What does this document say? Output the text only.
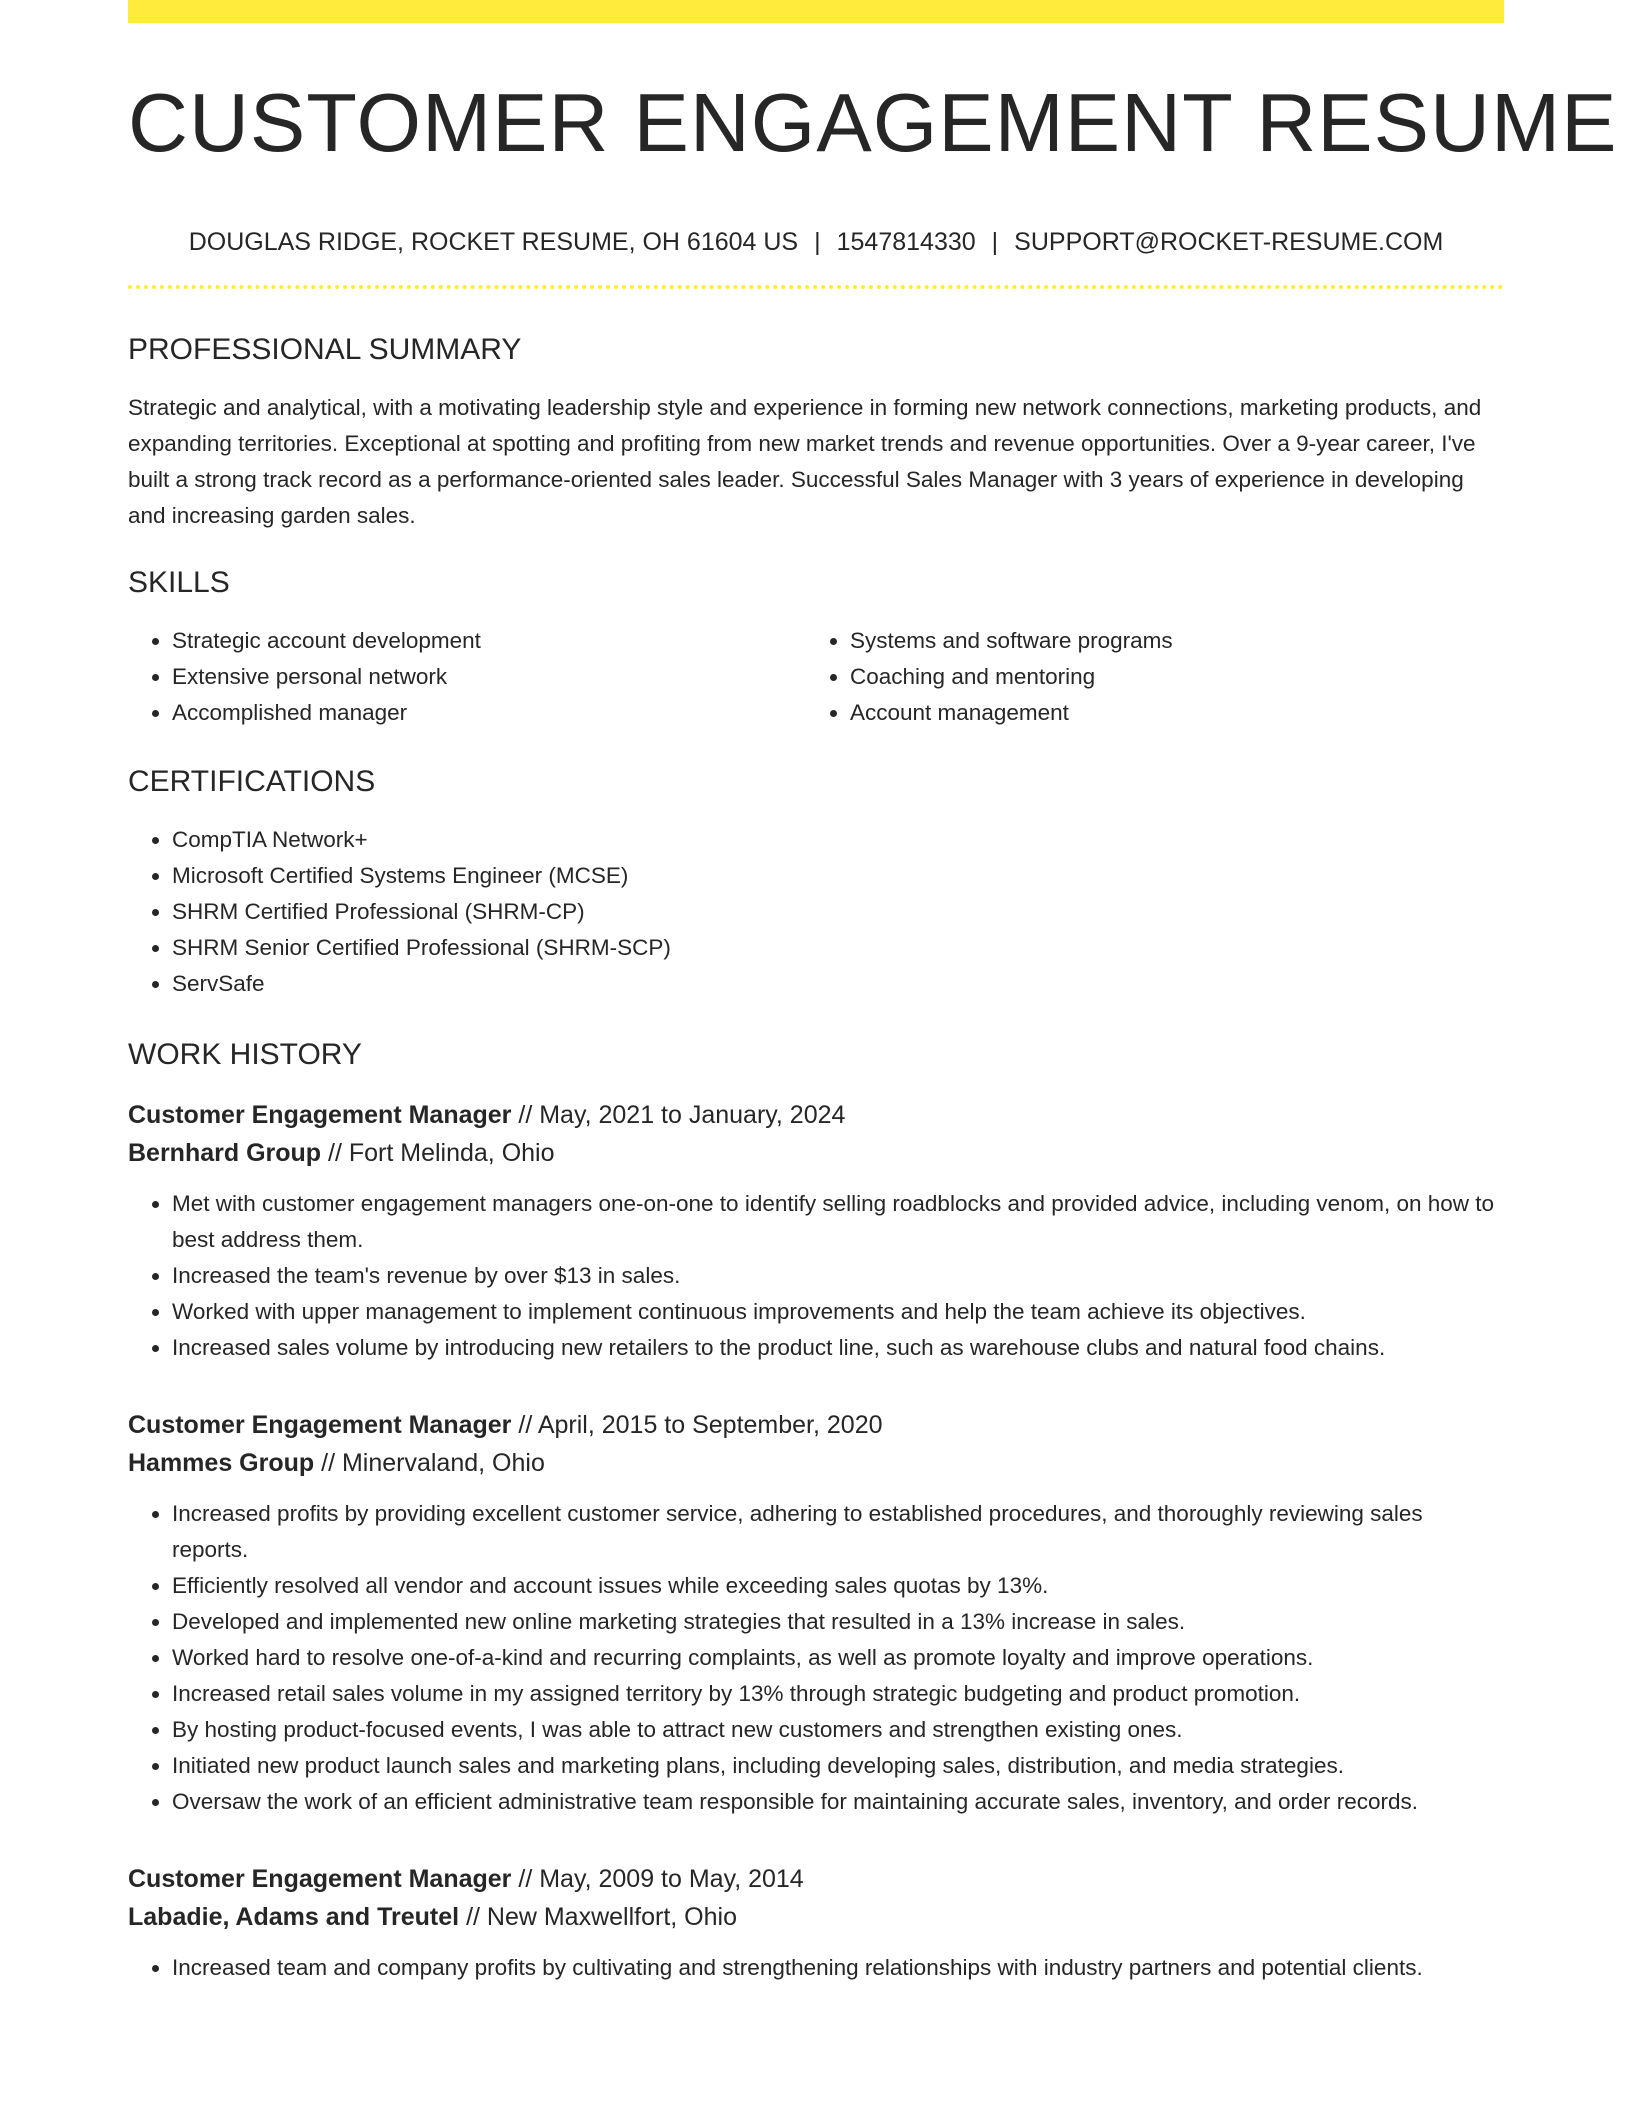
CUSTOMER ENGAGEMENT RESUME
DOUGLAS RIDGE, ROCKET RESUME, OH 61604 US | 1547814330 | SUPPORT@ROCKET-RESUME.COM
PROFESSIONAL SUMMARY

Strategic and analytical, with a motivating leadership style and experience in forming new network connections, marketing products, and expanding territories. Exceptional at spotting and profiting from new market trends and revenue opportunities. Over a 9-year career, I've built a strong track record as a performance-oriented sales leader. Successful Sales Manager with 3 years of experience in developing and increasing garden sales.

SKILLS
• Strategic account development
• Extensive personal network
• Accomplished manager
• Systems and software programs
• Coaching and mentoring
• Account management
CERTIFICATIONS
• CompTIA Network+
• Microsoft Certified Systems Engineer (MCSE)
• SHRM Certified Professional (SHRM-CP)
• SHRM Senior Certified Professional (SHRM-SCP)
• ServSafe
WORK HISTORY
Customer Engagement Manager // May, 2021 to January, 2024
Bernhard Group // Fort Melinda, Ohio
• Met with customer engagement managers one-on-one to identify selling roadblocks and provided advice, including venom, on how to best address them.
• Increased the team's revenue by over $13 in sales.
• Worked with upper management to implement continuous improvements and help the team achieve its objectives.
• Increased sales volume by introducing new retailers to the product line, such as warehouse clubs and natural food chains.
Customer Engagement Manager // April, 2015 to September, 2020
Hammes Group // Minervaland, Ohio
• Increased profits by providing excellent customer service, adhering to established procedures, and thoroughly reviewing sales reports.
• Efficiently resolved all vendor and account issues while exceeding sales quotas by 13%.
• Developed and implemented new online marketing strategies that resulted in a 13% increase in sales.
• Worked hard to resolve one-of-a-kind and recurring complaints, as well as promote loyalty and improve operations.
• Increased retail sales volume in my assigned territory by 13% through strategic budgeting and product promotion.
• By hosting product-focused events, I was able to attract new customers and strengthen existing ones.
• Initiated new product launch sales and marketing plans, including developing sales, distribution, and media strategies.
• Oversaw the work of an efficient administrative team responsible for maintaining accurate sales, inventory, and order records.
Customer Engagement Manager // May, 2009 to May, 2014
Labadie, Adams and Treutel // New Maxwellfort, Ohio
• Increased team and company profits by cultivating and strengthening relationships with industry partners and potential clients.
